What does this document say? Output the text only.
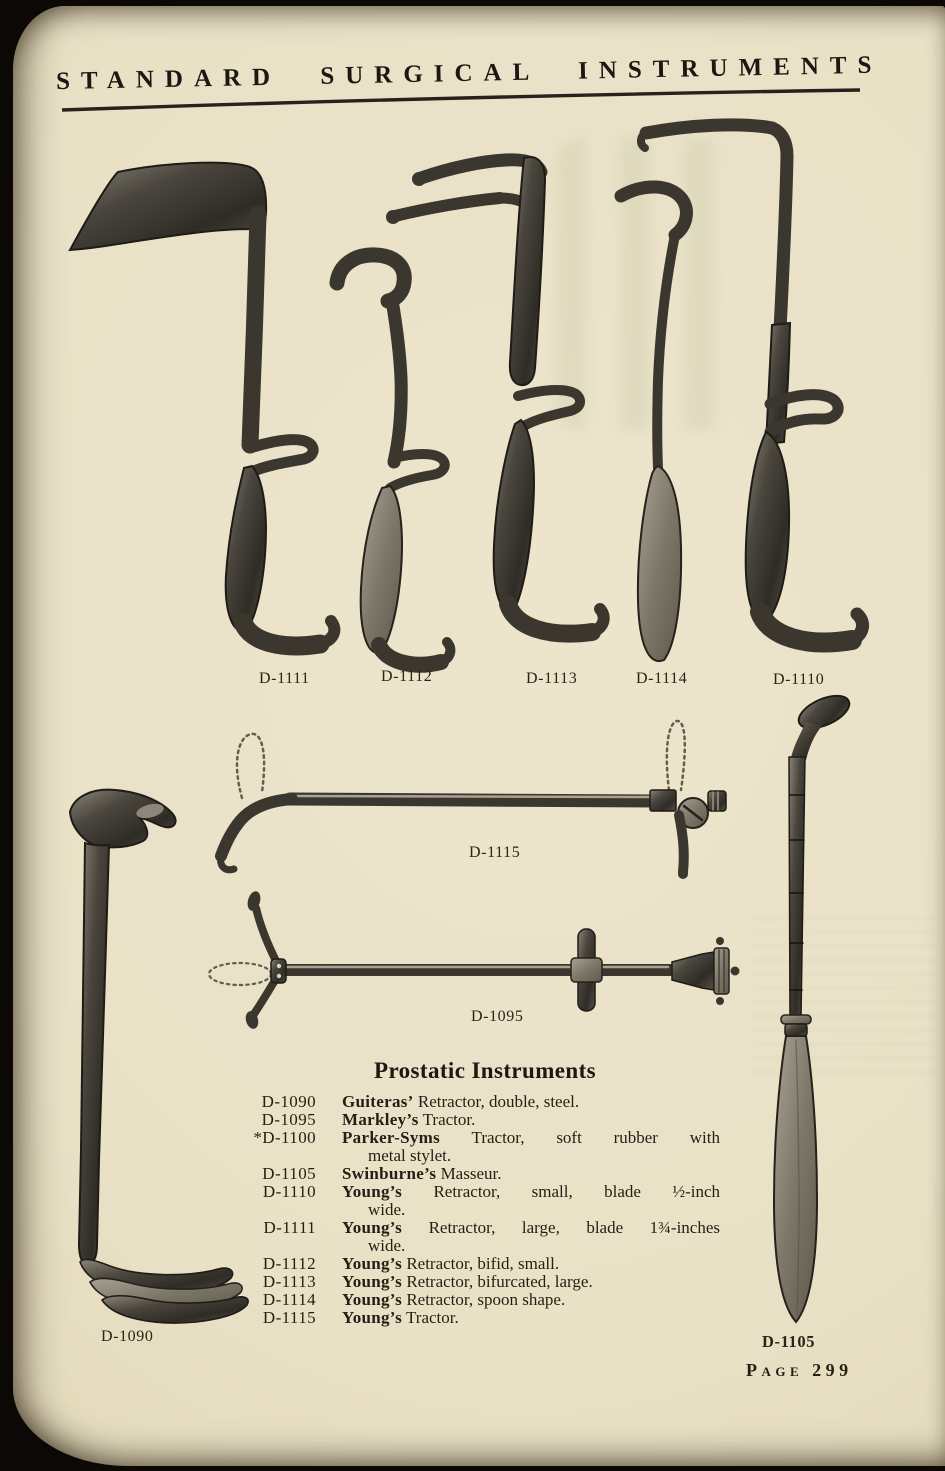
STANDARD SURGICAL INSTRUMENTS
D-1111	D-1112	D-1113	D-1114	D-1110
D-1115
D-1095
D-1090	D-1105
Prostatic Instruments
D-1090 Guiteras’ Retractor, double, steel.
D-1095 Markley’s Tractor.
*D-1100 Parker-Syms Tractor, soft rubber with
metal stylet.
D-1105 Swinburne’s Masseur.
D-1110 Young’s Retractor, small, blade ½-inch
wide.
D-1111 Young’s Retractor, large, blade 1¾-inches
wide.
D-1112 Young’s Retractor, bifid, small.
D-1113 Young’s Retractor, bifurcated, large.
D-1114 Young’s Retractor, spoon shape.
D-1115 Young’s Tractor.
Page 299
